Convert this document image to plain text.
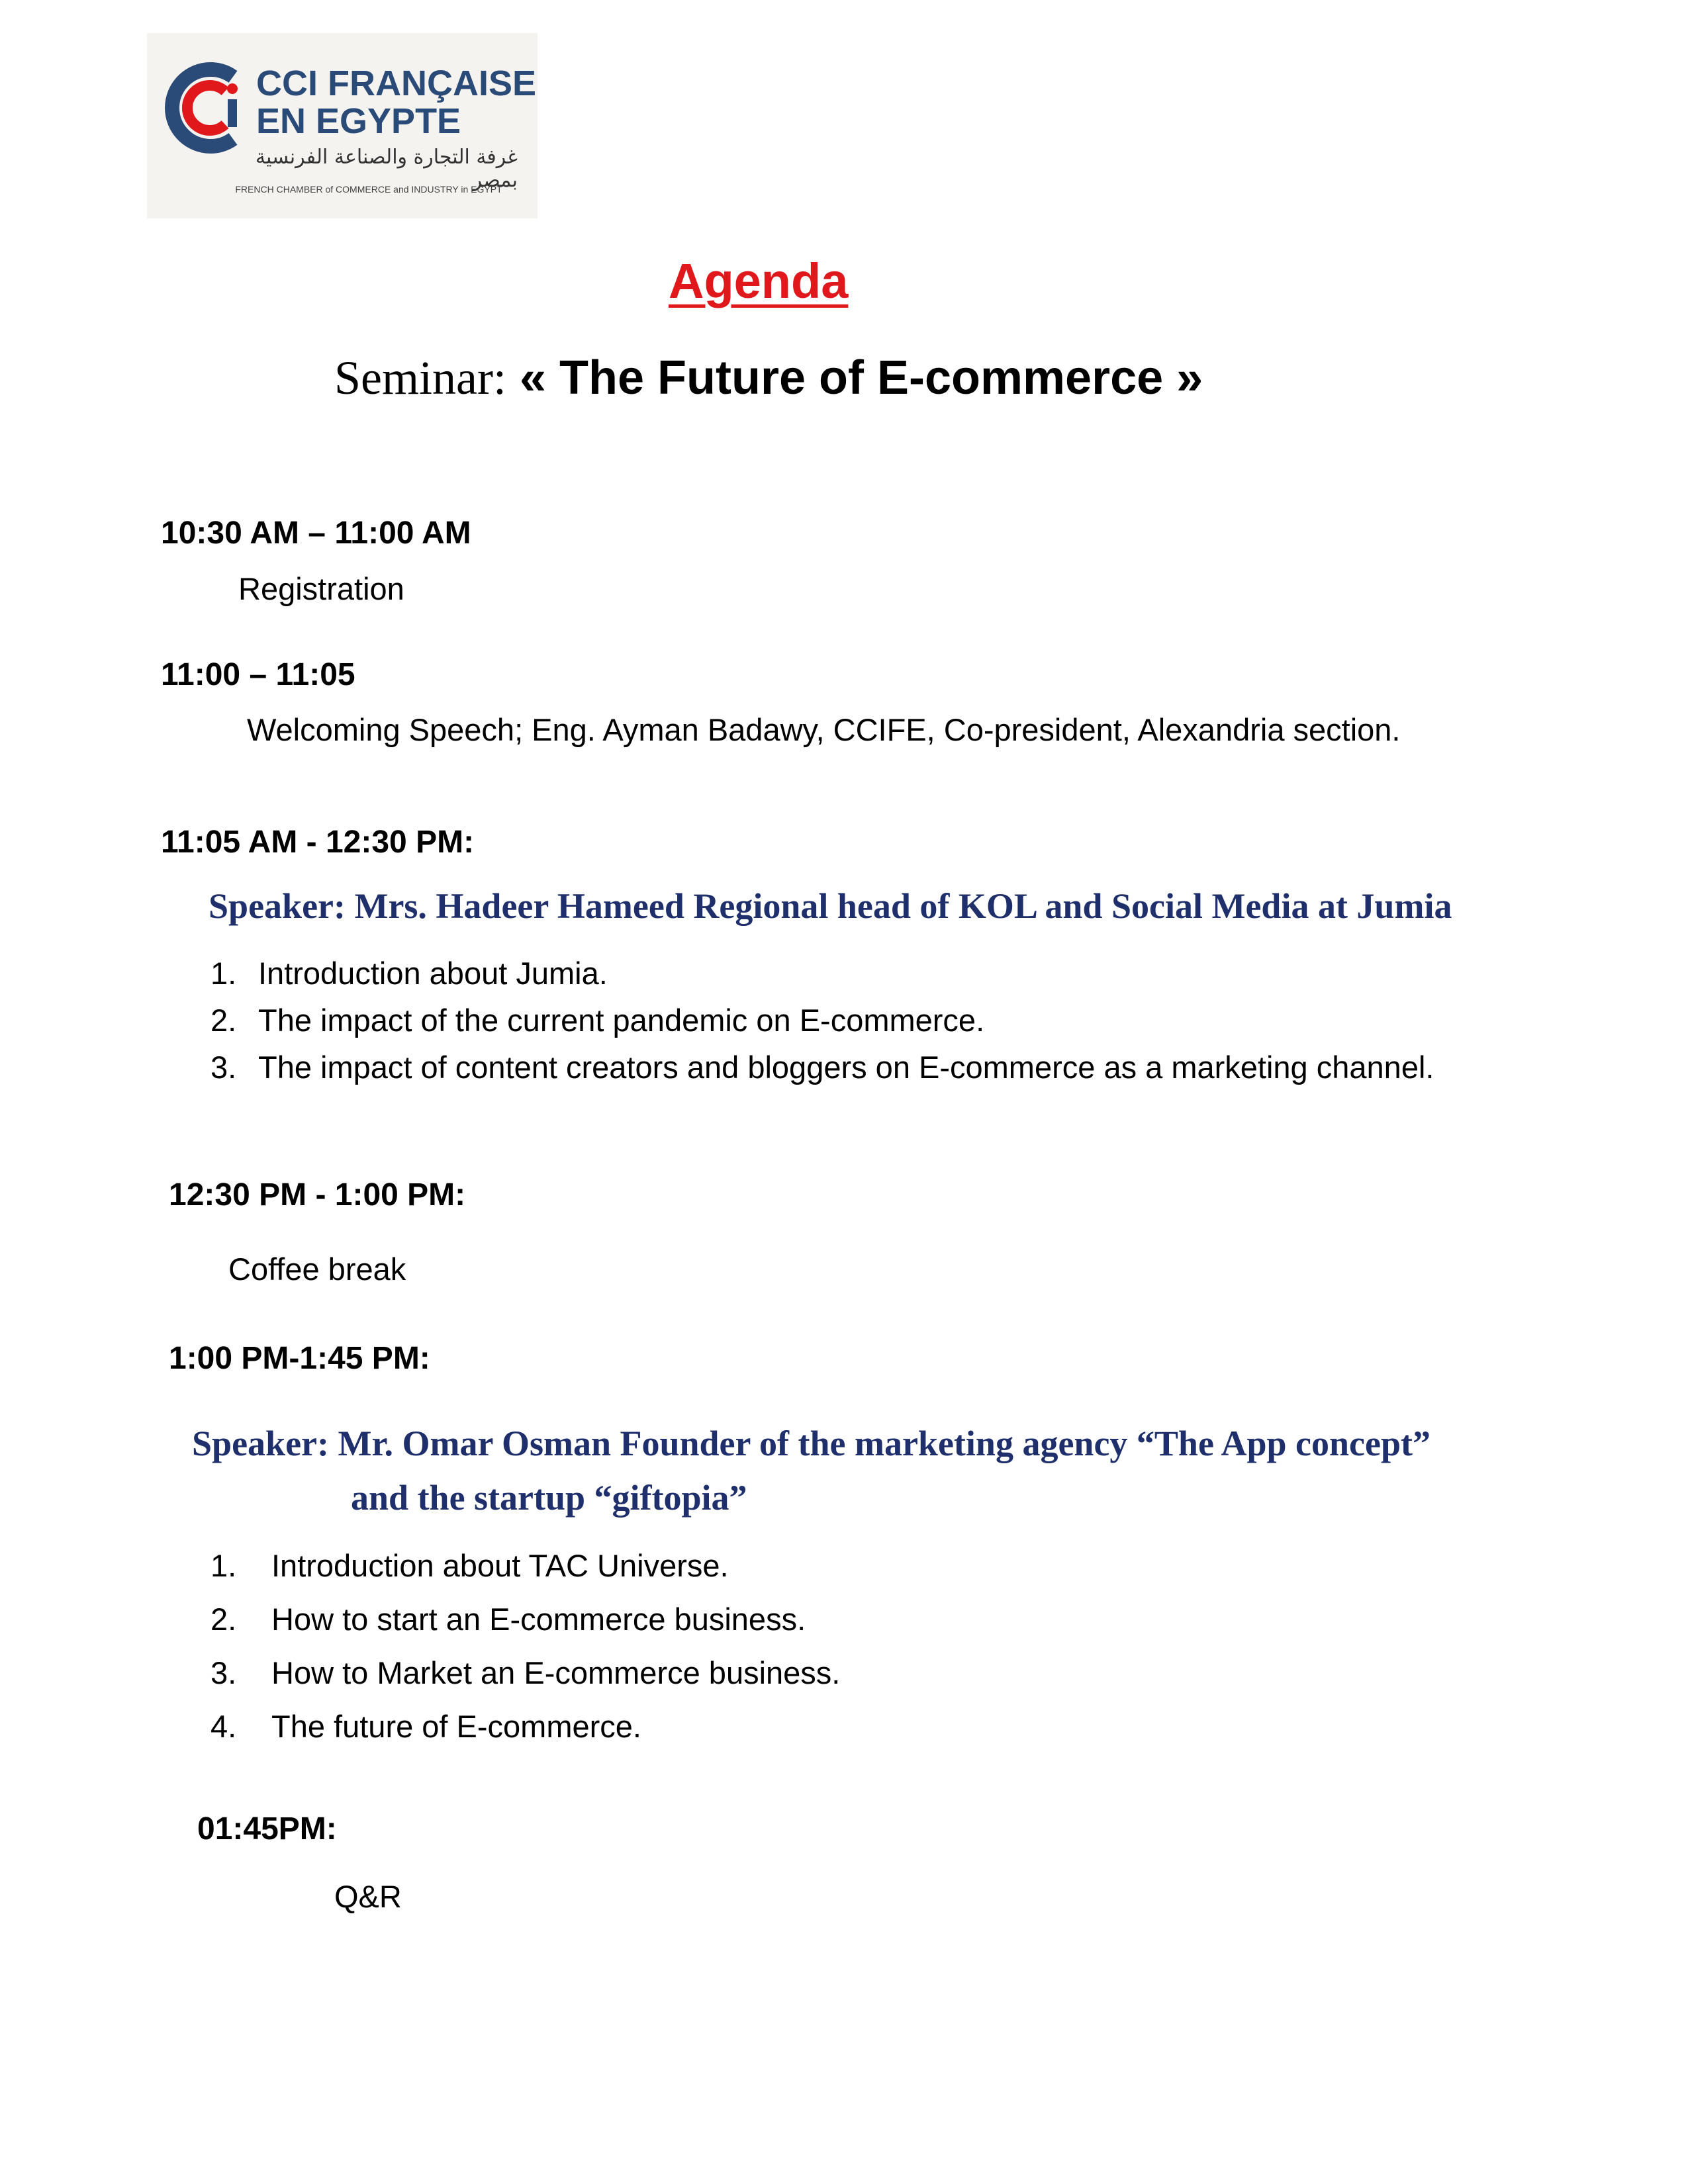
CCI FRANÇAISE
EN EGYPTE
غرفة التجارة والصناعة الفرنسية بمصر
FRENCH CHAMBER of COMMERCE and INDUSTRY in EGYPT
Agenda
Seminar: « The Future of E-commerce »
10:30 AM – 11:00 AM
Registration
11:00 – 11:05
Welcoming Speech; Eng. Ayman Badawy, CCIFE, Co-president, Alexandria section.
11:05 AM - 12:30 PM:
Speaker: Mrs. Hadeer Hameed Regional head of KOL and Social Media at Jumia
1. Introduction about Jumia.
2. The impact of the current pandemic on E-commerce.
3. The impact of content creators and bloggers on E-commerce as a marketing channel.
12:30 PM - 1:00 PM:
Coffee break
1:00 PM-1:45 PM:
Speaker: Mr. Omar Osman Founder of the marketing agency “The App concept”
and the startup “giftopia”
1. Introduction about TAC Universe.
2. How to start an E-commerce business.
3. How to Market an E-commerce business.
4. The future of E-commerce.
01:45PM:
Q&R
